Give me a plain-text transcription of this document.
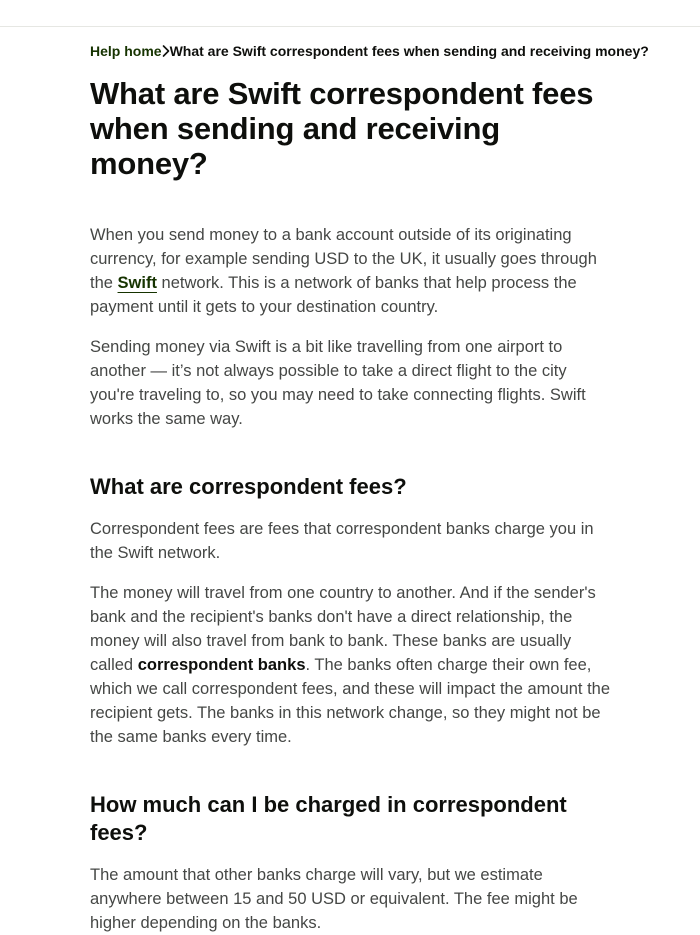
Help home What are Swift correspondent fees when sending and receiving money?
What are Swift correspondent fees when sending and receiving money?

When you send money to a bank account outside of its originating currency, for example sending USD to the UK, it usually goes through the Swift network. This is a network of banks that help process the payment until it gets to your destination country.

Sending money via Swift is a bit like travelling from one airport to another — it’s not always possible to take a direct flight to the city you're traveling to, so you may need to take connecting flights. Swift works the same way.

What are correspondent fees?

Correspondent fees are fees that correspondent banks charge you in the Swift network.

The money will travel from one country to another. And if the sender's bank and the recipient's banks don't have a direct relationship, the money will also travel from bank to bank. These banks are usually called correspondent banks. The banks often charge their own fee, which we call correspondent fees, and these will impact the amount the recipient gets. The banks in this network change, so they might not be the same banks every time.

How much can I be charged in correspondent fees?

The amount that other banks charge will vary, but we estimate anywhere between 15 and 50 USD or equivalent. The fee might be higher depending on the banks.
